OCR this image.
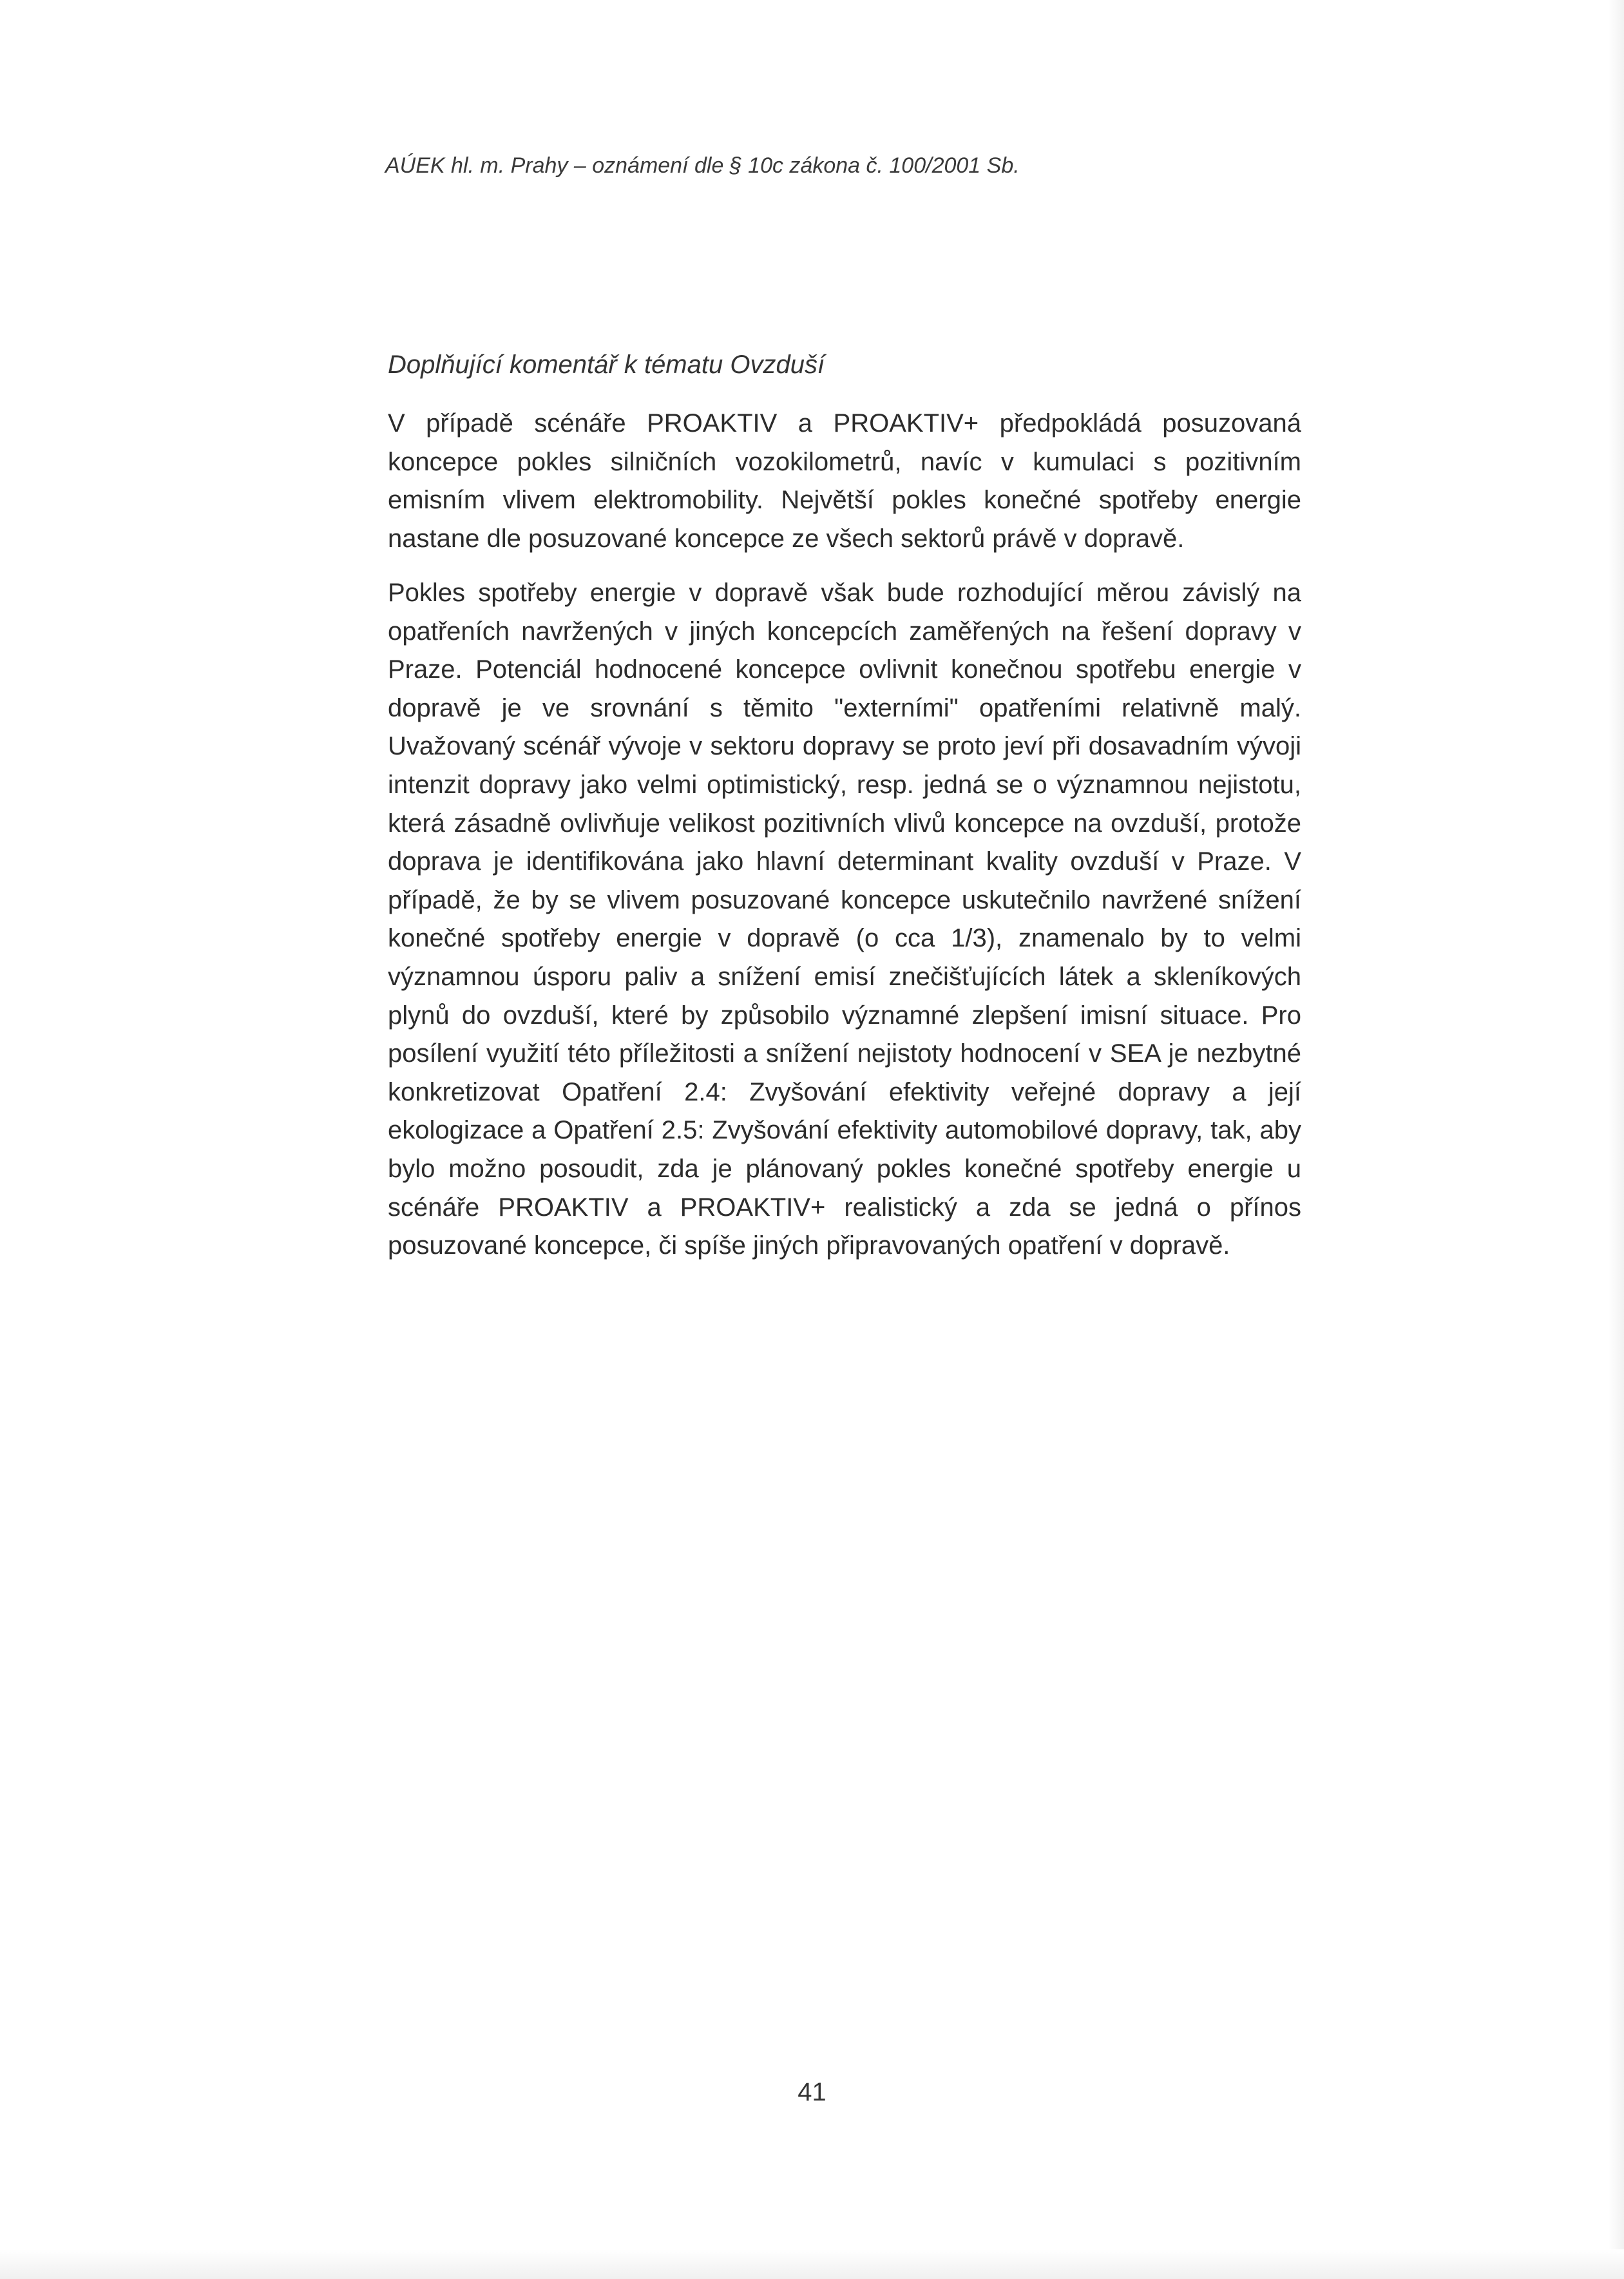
AÚEK hl. m. Prahy – oznámení dle § 10c zákona č. 100/2001 Sb.
Doplňující komentář k tématu Ovzduší

V případě scénáře PROAKTIV a PROAKTIV+ předpokládá posuzovaná koncepce pokles silničních vozokilometrů, navíc v kumulaci s pozitivním emisním vlivem elektromobility. Největší pokles konečné spotřeby energie nastane dle posuzované koncepce ze všech sektorů právě v dopravě.

Pokles spotřeby energie v dopravě však bude rozhodující měrou závislý na opatřeních navržených v jiných koncepcích zaměřených na řešení dopravy v Praze. Potenciál hodnocené koncepce ovlivnit konečnou spotřebu energie v dopravě je ve srovnání s těmito "externími" opatřeními relativně malý. Uvažovaný scénář vývoje v sektoru dopravy se proto jeví při dosavadním vývoji intenzit dopravy jako velmi optimistický, resp. jedná se o významnou nejistotu, která zásadně ovlivňuje velikost pozitivních vlivů koncepce na ovzduší, protože doprava je identifikována jako hlavní determinant kvality ovzduší v Praze. V případě, že by se vlivem posuzované koncepce uskutečnilo navržené snížení konečné spotřeby energie v dopravě (o cca 1/3), znamenalo by to velmi významnou úsporu paliv a snížení emisí znečišťujících látek a skleníkových plynů do ovzduší, které by způsobilo významné zlepšení imisní situace. Pro posílení využití této příležitosti a snížení nejistoty hodnocení v SEA je nezbytné konkretizovat Opatření 2.4: Zvyšování efektivity veřejné dopravy a její ekologizace a Opatření 2.5: Zvyšování efektivity automobilové dopravy, tak, aby bylo možno posoudit, zda je plánovaný pokles konečné spotřeby energie u scénáře PROAKTIV a PROAKTIV+ realistický a zda se jedná o přínos posuzované koncepce, či spíše jiných připravovaných opatření v dopravě.

41
